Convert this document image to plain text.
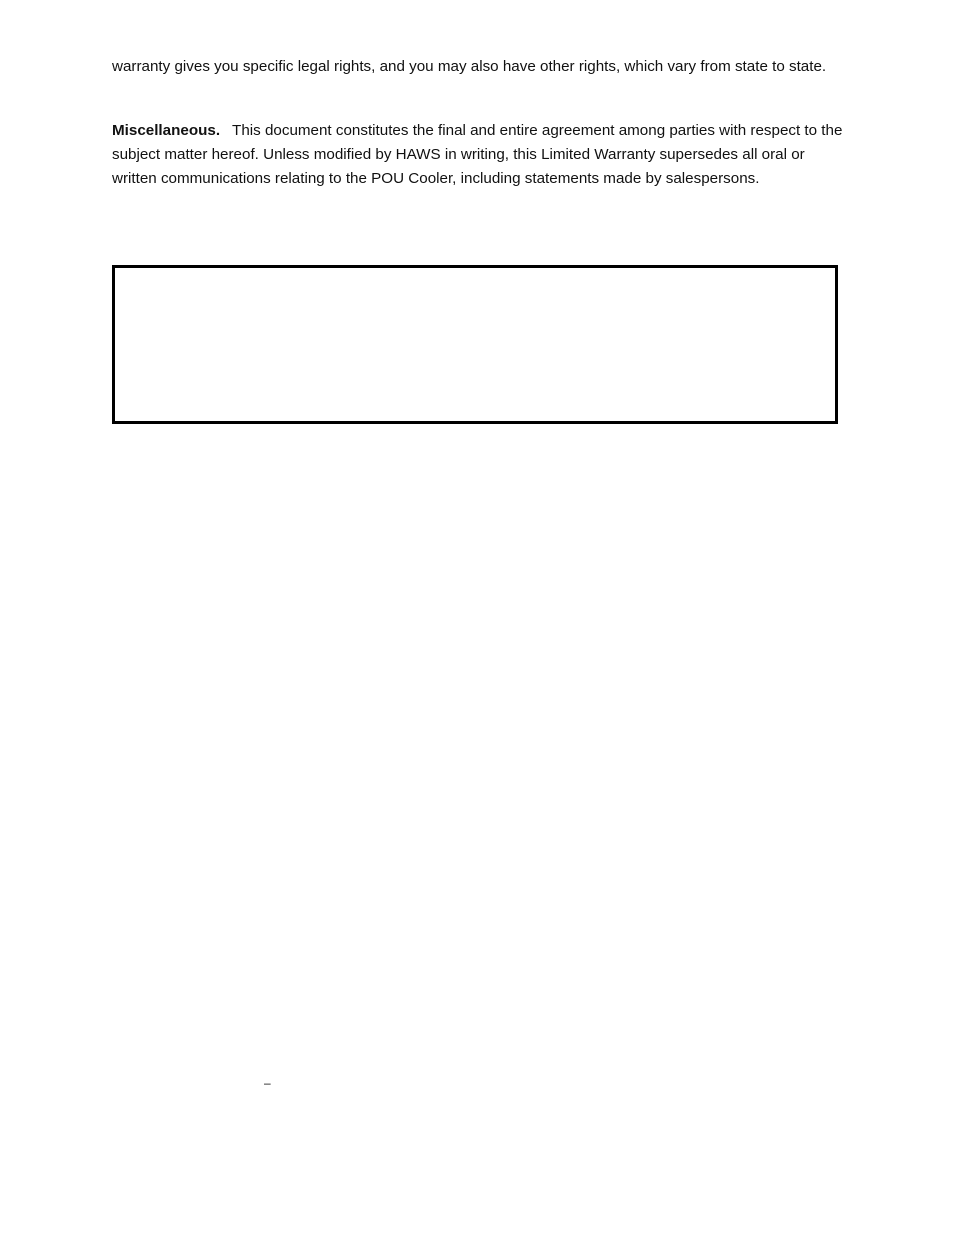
warranty gives you specific legal rights, and you may also have other rights, which vary from state to state.

Miscellaneous. This document constitutes the final and entire agreement among parties with respect to the subject matter hereof. Unless modified by HAWS in writing, this Limited Warranty supersedes all oral or written communications relating to the POU Cooler, including statements made by salespersons.

–
